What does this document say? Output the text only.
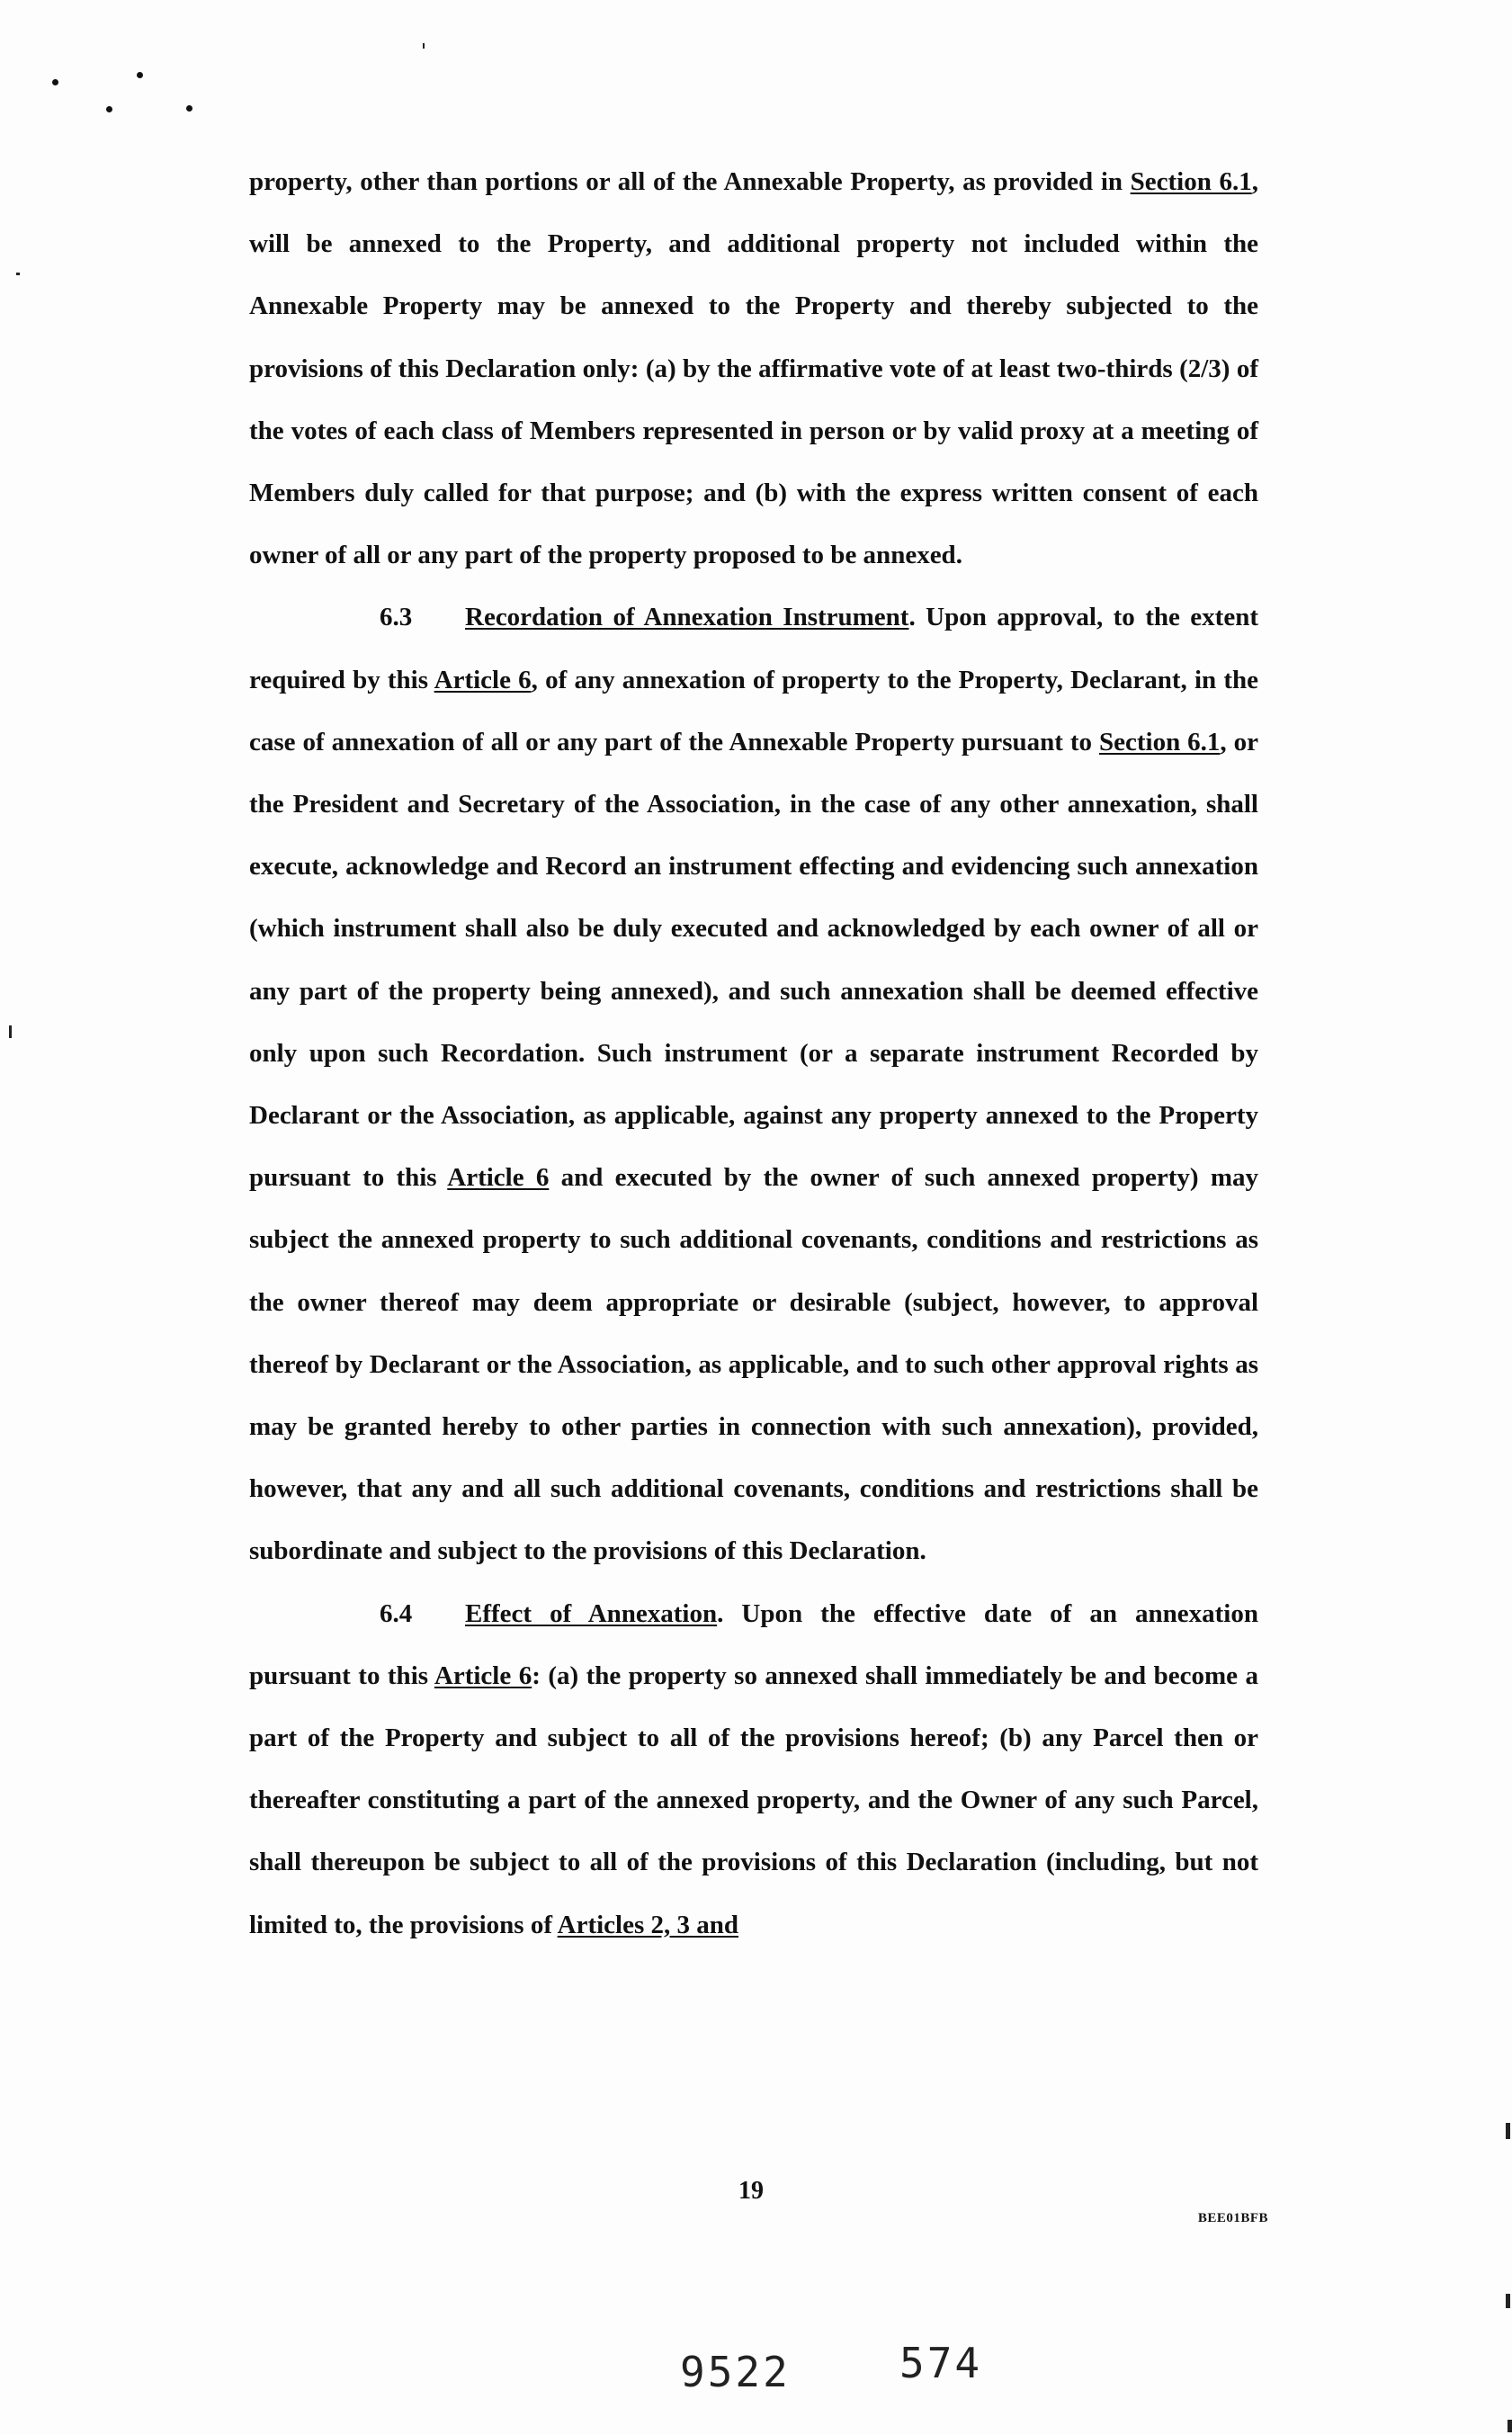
property, other than portions or all of the Annexable Property, as provided in Section 6.1, will be annexed to the Property, and additional property not included within the Annexable Property may be annexed to the Property and thereby subjected to the provisions of this Declaration only: (a) by the affirmative vote of at least two-thirds (2/3) of the votes of each class of Members represented in person or by valid proxy at a meeting of Members duly called for that purpose; and (b) with the express written consent of each owner of all or any part of the property proposed to be annexed.

6.3 Recordation of Annexation Instrument. Upon approval, to the extent required by this Article 6, of any annexation of property to the Property, Declarant, in the case of annexation of all or any part of the Annexable Property pursuant to Section 6.1, or the President and Secretary of the Association, in the case of any other annexation, shall execute, acknowledge and Record an instrument effecting and evidencing such annexation (which instrument shall also be duly executed and acknowledged by each owner of all or any part of the property being annexed), and such annexation shall be deemed effective only upon such Recordation. Such instrument (or a separate instrument Recorded by Declarant or the Association, as applicable, against any property annexed to the Property pursuant to this Article 6 and executed by the owner of such annexed property) may subject the annexed property to such additional covenants, conditions and restrictions as the owner thereof may deem appropriate or desirable (subject, however, to approval thereof by Declarant or the Association, as applicable, and to such other approval rights as may be granted hereby to other parties in connection with such annexation), provided, however, that any and all such additional covenants, conditions and restrictions shall be subordinate and subject to the provisions of this Declaration.

6.4 Effect of Annexation. Upon the effective date of an annexation pursuant to this Article 6: (a) the property so annexed shall immediately be and become a part of the Property and subject to all of the provisions hereof; (b) any Parcel then or thereafter constituting a part of the annexed property, and the Owner of any such Parcel, shall thereupon be subject to all of the provisions of this Declaration (including, but not limited to, the provisions of Articles 2, 3 and

19
BEE01BFB
9522	574
